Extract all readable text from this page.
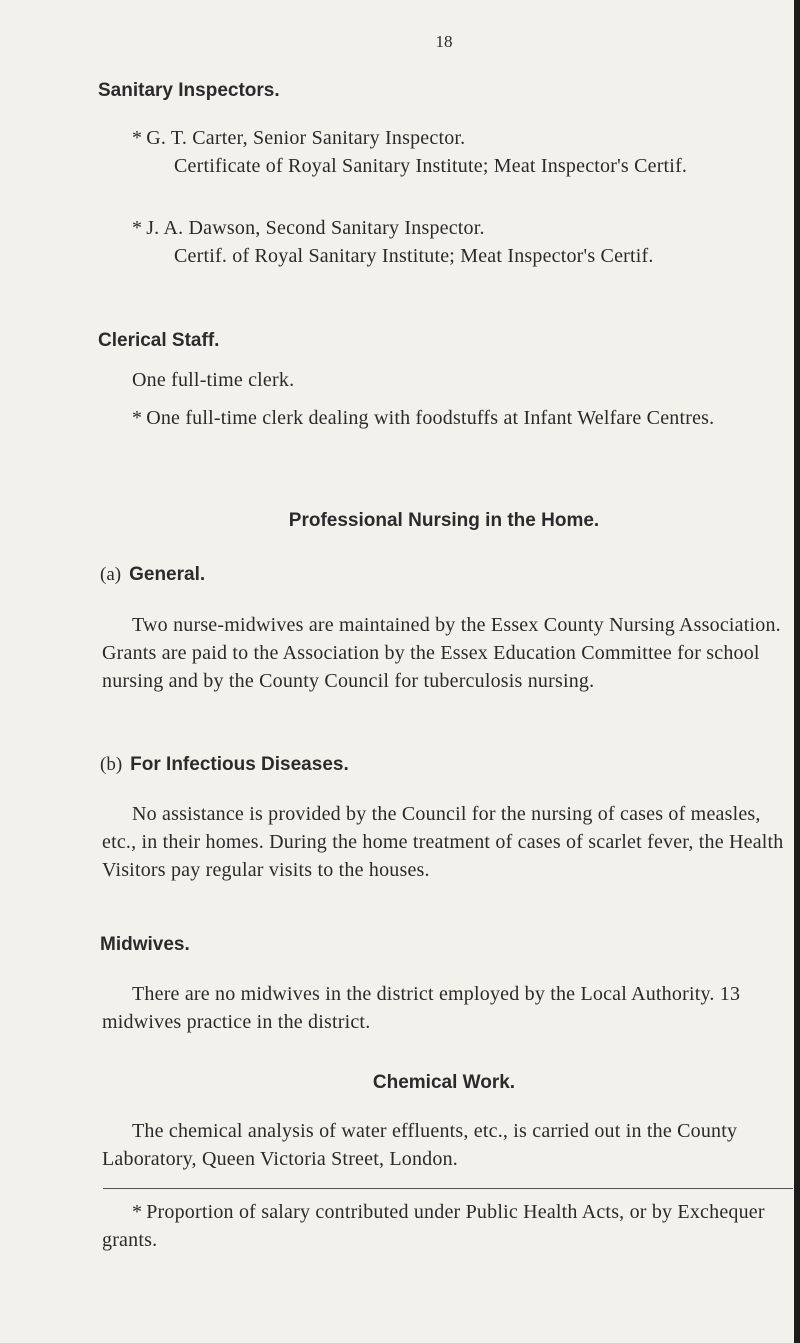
18
Sanitary Inspectors.
* G. T. Carter, Senior Sanitary Inspector.
Certificate of Royal Sanitary Institute; Meat Inspector's Certif.
* J. A. Dawson, Second Sanitary Inspector.
Certif. of Royal Sanitary Institute; Meat Inspector's Certif.
Clerical Staff.
One full-time clerk.
* One full-time clerk dealing with foodstuffs at Infant Welfare Centres.
Professional Nursing in the Home.
(a) General.
Two nurse-midwives are maintained by the Essex County Nursing Association. Grants are paid to the Association by the Essex Education Committee for school nursing and by the County Council for tuberculosis nursing.
(b) For Infectious Diseases.
No assistance is provided by the Council for the nursing of cases of measles, etc., in their homes. During the home treatment of cases of scarlet fever, the Health Visitors pay regular visits to the houses.
Midwives.
There are no midwives in the district employed by the Local Authority. 13 midwives practice in the district.
Chemical Work.
The chemical analysis of water effluents, etc., is carried out in the County Laboratory, Queen Victoria Street, London.
* Proportion of salary contributed under Public Health Acts, or by Exchequer grants.
